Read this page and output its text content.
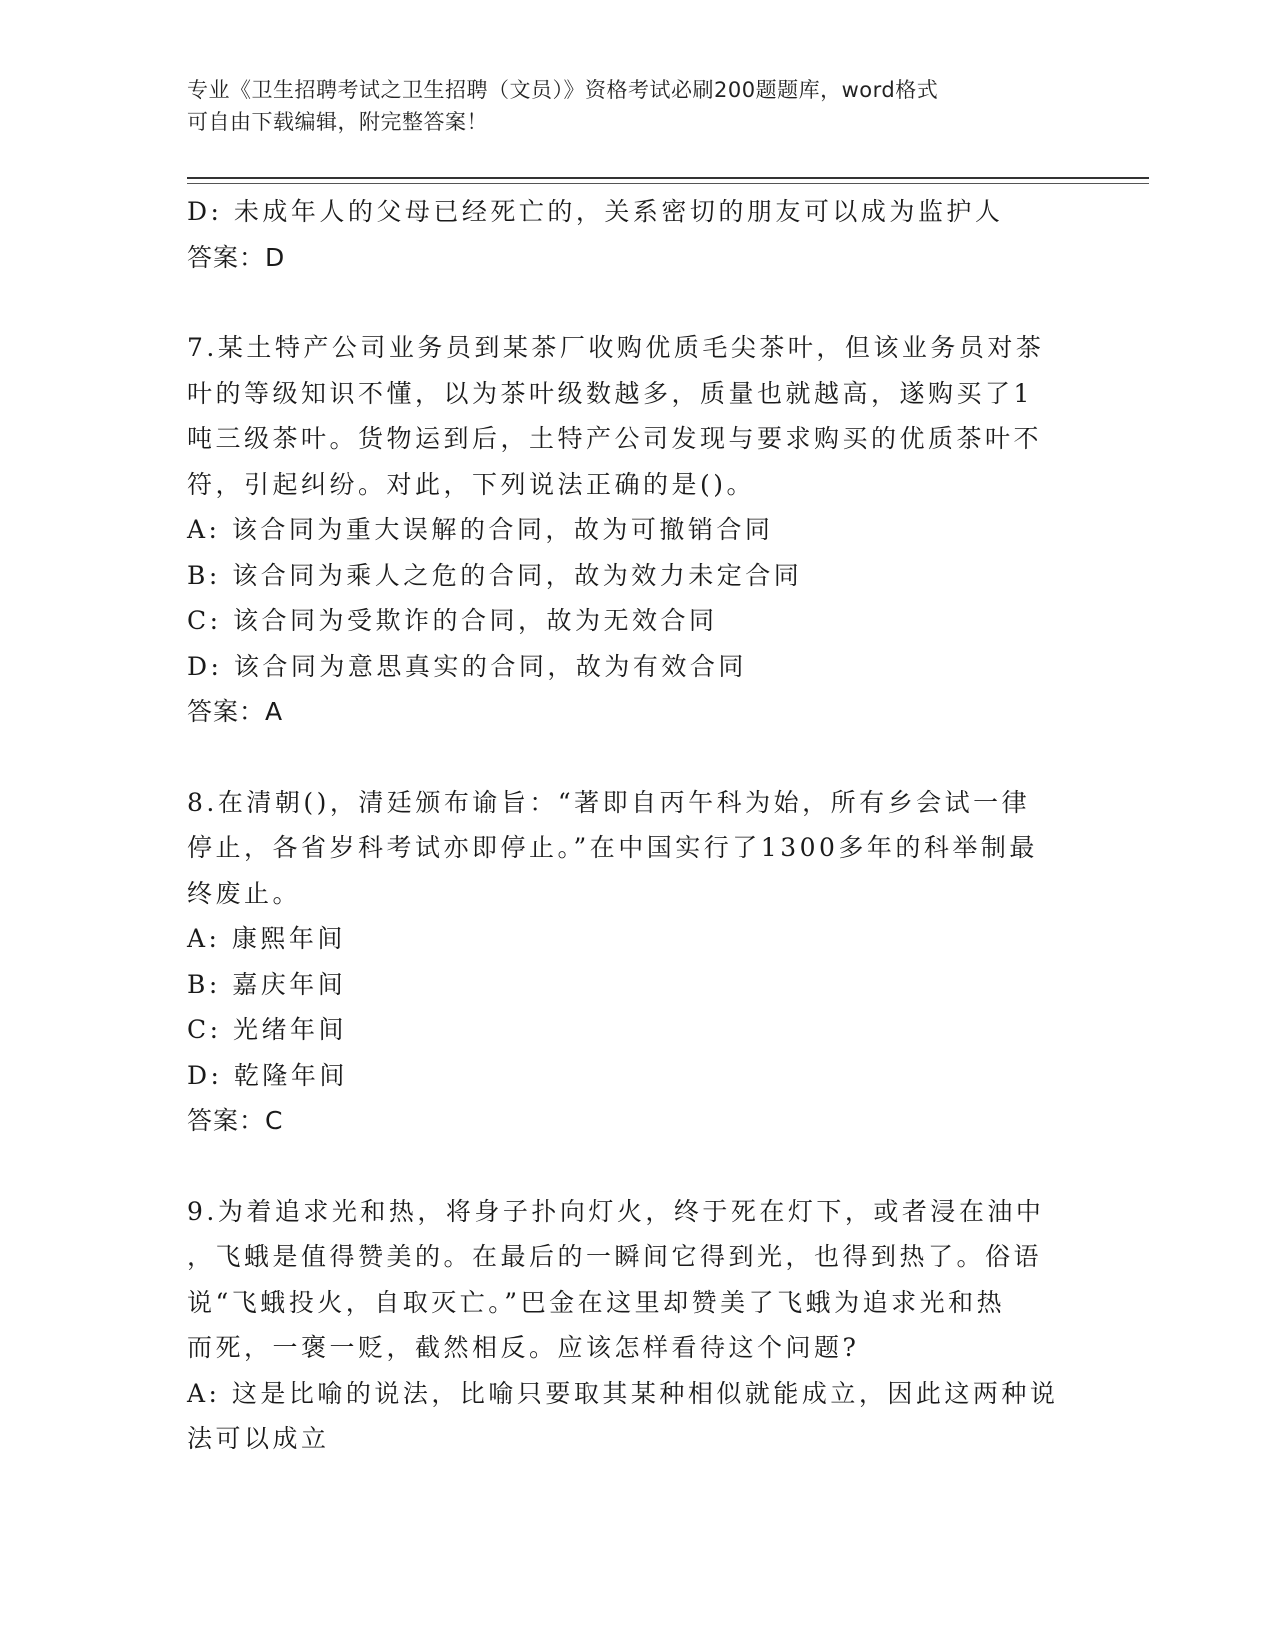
专业《卫生招聘考试之卫生招聘（文员）》资格考试必刷200题题库，word格式
可自由下载编辑，附完整答案！
D: 未成年人的父母已经死亡的，关系密切的朋友可以成为监护人
答案：D
7.某土特产公司业务员到某茶厂收购优质毛尖茶叶，但该业务员对茶
叶的等级知识不懂，以为茶叶级数越多，质量也就越高，遂购买了1
吨三级茶叶。货物运到后，土特产公司发现与要求购买的优质茶叶不
符，引起纠纷。对此，下列说法正确的是()。
A: 该合同为重大误解的合同，故为可撤销合同
B: 该合同为乘人之危的合同，故为效力未定合同
C: 该合同为受欺诈的合同，故为无效合同
D: 该合同为意思真实的合同，故为有效合同
答案：A
8.在清朝()，清廷颁布谕旨：“著即自丙午科为始，所有乡会试一律
停止，各省岁科考试亦即停止。”在中国实行了1300多年的科举制最
终废止。
A: 康熙年间
B: 嘉庆年间
C: 光绪年间
D: 乾隆年间
答案：C
9.为着追求光和热，将身子扑向灯火，终于死在灯下，或者浸在油中
，飞蛾是值得赞美的。在最后的一瞬间它得到光，也得到热了。俗语
说“飞蛾投火，自取灭亡。”巴金在这里却赞美了飞蛾为追求光和热
而死，一褒一贬，截然相反。应该怎样看待这个问题?
A: 这是比喻的说法，比喻只要取其某种相似就能成立，因此这两种说
法可以成立
